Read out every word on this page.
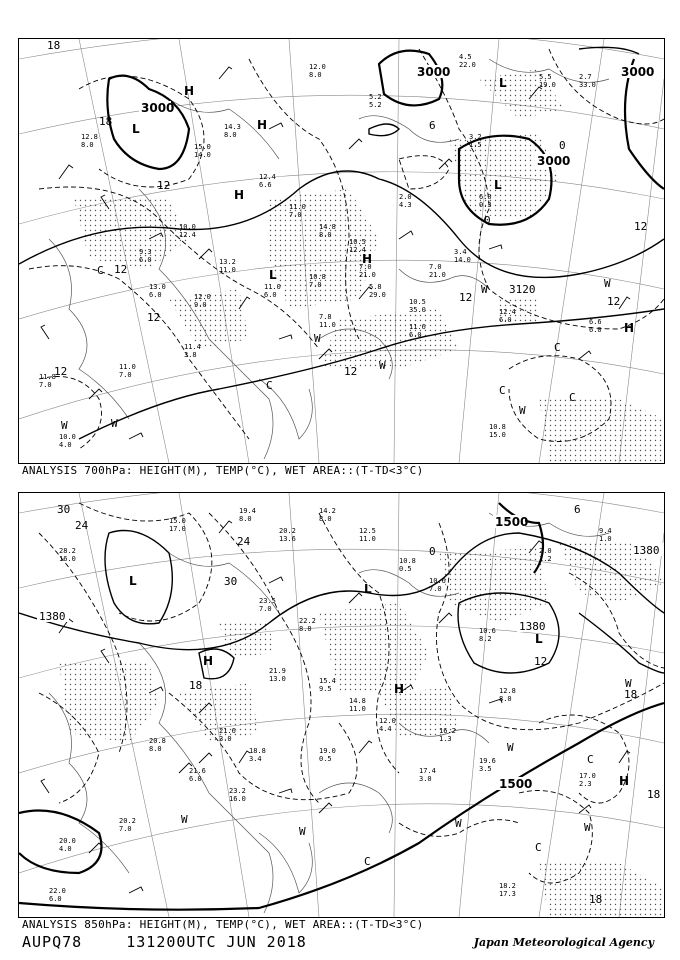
12.8
8.0	15.0
14.0
14.3
8.0
12.4
6.6
11.0
7.0
14.8
8.0
10.5
12.4
10.0
12.4
9.3
6.0	13.2
11.0
11.0
6.0
10.8
7.0
7.0
21.0
5.8
29.0
10.5
35.0
7.0
21.0
3.4
14.0
2.0
4.3
3.2
1.5
6.0
0.3
5.5
19.0
2.7
33.0
4.5
22.0
5.2
5.2
12.0
8.0
13.0
6.0	12.0
9.0
11.4
3.8
11.0
7.0
11.8
7.0
10.0
4.0
10.8
15.0
12.4
6.0	6.6
6.0
11.6
6.0
7.8
11.0
3000
3000
3000
3000
3120
18
18
12
12
12
12
12	12
12
12
6
0
0
L
L
L
L
H
H
H
H
H
W
W
W
W
W	W
W
C
C
C
C
C
ANALYSIS 700hPa: HEIGHT(M), TEMP(°C), WET AREA::(T-TD<3°C)
28.2
16.0
15.0
17.0
19.4
8.0
20.2
13.6
14.2
8.0
12.5
11.0
10.8
0.5
10.6
7.0
10.6
8.2
23.5
7.0
22.2
8.0
21.9
13.0	15.4
9.5
14.8
11.0
12.0
4.4
19.0
0.5
21.6
3.0
18.8
3.4
21.6
6.0
23.2
16.0
20.8
8.0
19.6
3.5
17.0
2.3
17.4
3.0
18.2
17.3
16.2
1.3
12.8
8.0
20.0
4.0
22.0
6.0
20.2
7.0
2.0
1.2
9.4
1.0
1500
1500
1380
1380
1380
30
24
24
30
18
18
18
18
12
6
0
L
L
L
H
H
H
W
W
W	W
W
W
C
C
C
ANALYSIS 850hPa: HEIGHT(M), TEMP(°C), WET AREA::(T-TD<3°C)
AUPQ78	131200UTC JUN 2018	Japan Meteorological Agency
